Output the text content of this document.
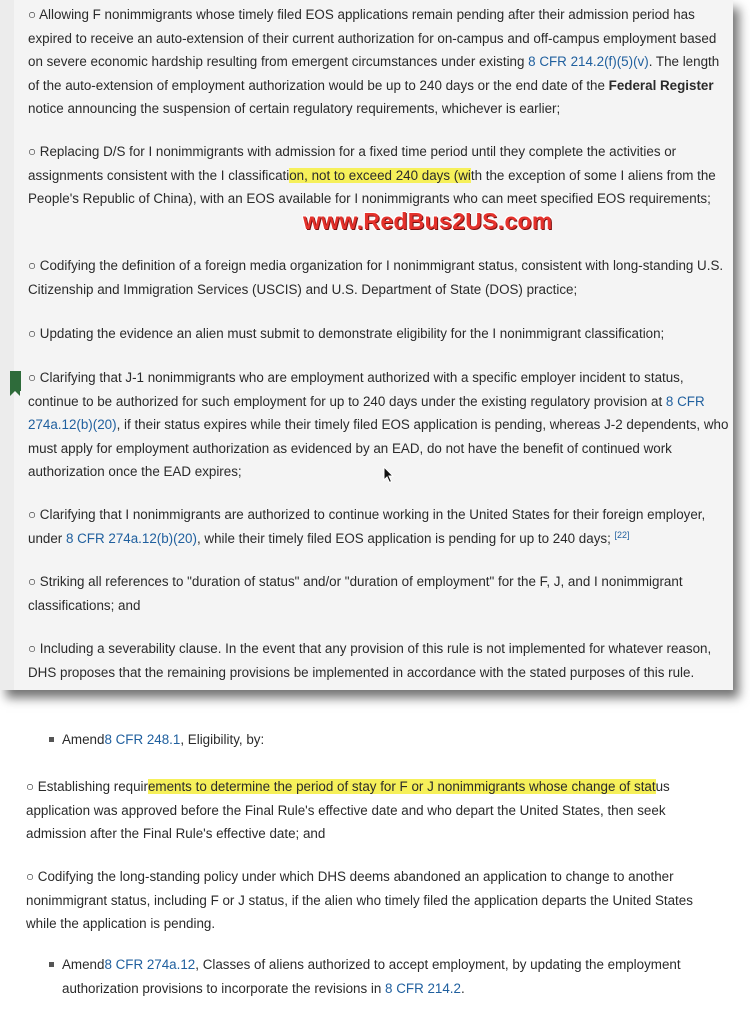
○ Allowing F nonimmigrants whose timely filed EOS applications remain pending after their admission period has expired to receive an auto-extension of their current authorization for on-campus and off-campus employment based on severe economic hardship resulting from emergent circumstances under existing 8 CFR 214.2(f)(5)(v). The length of the auto-extension of employment authorization would be up to 240 days or the end date of the Federal Register notice announcing the suspension of certain regulatory requirements, whichever is earlier;

○ Replacing D/S for I nonimmigrants with admission for a fixed time period until they complete the activities or assignments consistent with the I classification, not to exceed 240 days (with the exception of some I aliens from the People's Republic of China), with an EOS available for I nonimmigrants who can meet specified EOS requirements;

www.RedBus2US.com

○ Codifying the definition of a foreign media organization for I nonimmigrant status, consistent with long-standing U.S. Citizenship and Immigration Services (USCIS) and U.S. Department of State (DOS) practice;

○ Updating the evidence an alien must submit to demonstrate eligibility for the I nonimmigrant classification;

○ Clarifying that J-1 nonimmigrants who are employment authorized with a specific employer incident to status, continue to be authorized for such employment for up to 240 days under the existing regulatory provision at 8 CFR 274a.12(b)(20), if their status expires while their timely filed EOS application is pending, whereas J-2 dependents, who must apply for employment authorization as evidenced by an EAD, do not have the benefit of continued work authorization once the EAD expires;

○ Clarifying that I nonimmigrants are authorized to continue working in the United States for their foreign employer, under 8 CFR 274a.12(b)(20), while their timely filed EOS application is pending for up to 240 days; [22]

○ Striking all references to "duration of status" and/or "duration of employment" for the F, J, and I nonimmigrant classifications; and

○ Including a severability clause. In the event that any provision of this rule is not implemented for whatever reason, DHS proposes that the remaining provisions be implemented in accordance with the stated purposes of this rule.

Amend8 CFR 248.1, Eligibility, by:

○ Establishing requirements to determine the period of stay for F or J nonimmigrants whose change of status application was approved before the Final Rule's effective date and who depart the United States, then seek admission after the Final Rule's effective date; and

○ Codifying the long-standing policy under which DHS deems abandoned an application to change to another nonimmigrant status, including F or J status, if the alien who timely filed the application departs the United States while the application is pending.

Amend8 CFR 274a.12, Classes of aliens authorized to accept employment, by updating the employment authorization provisions to incorporate the revisions in 8 CFR 214.2.
